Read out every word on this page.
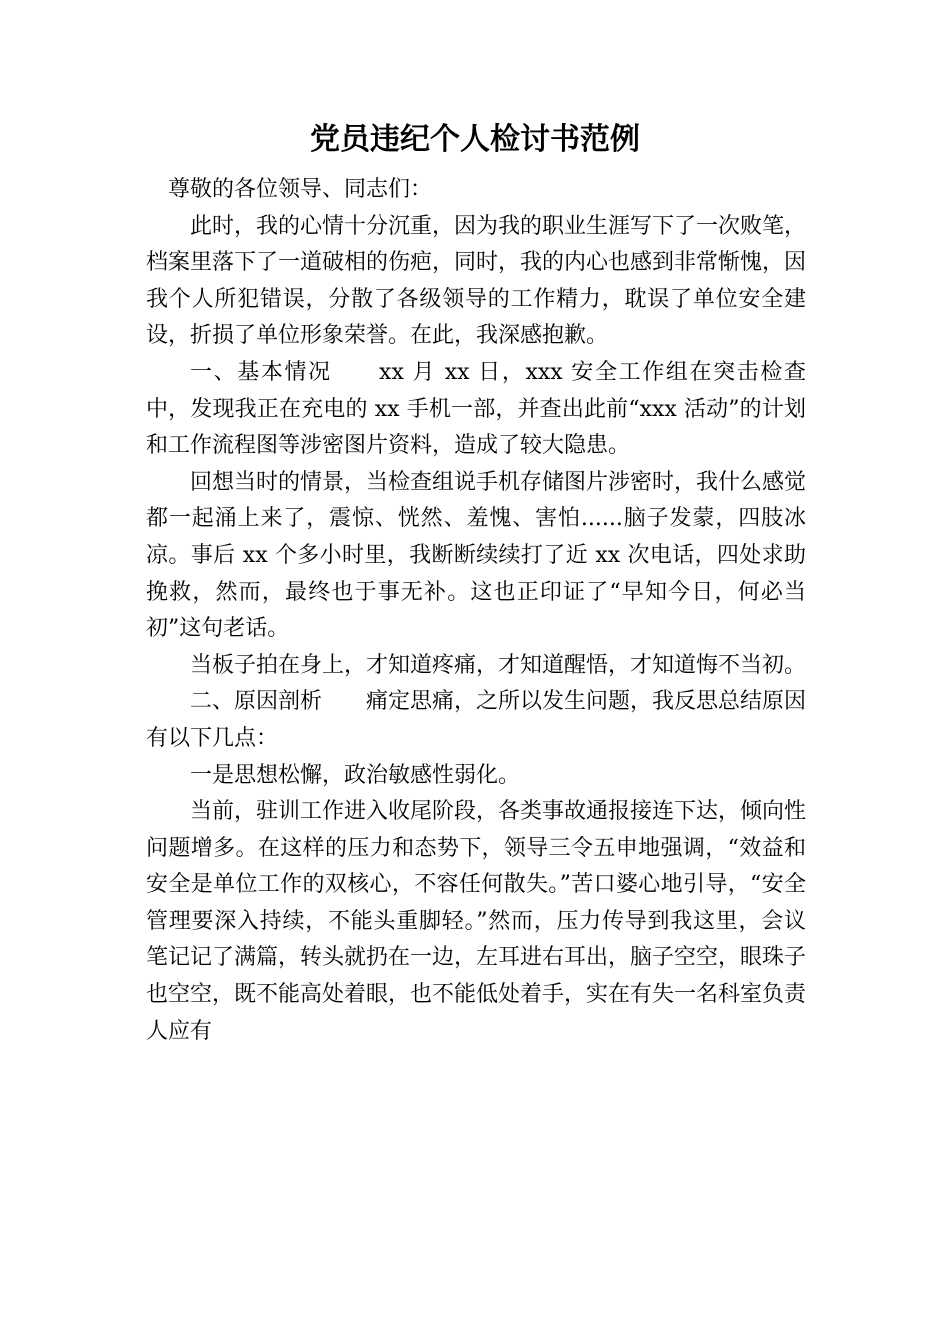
党员违纪个人检讨书范例

尊敬的各位领导、同志们：

此时，我的心情十分沉重，因为我的职业生涯写下了一次败笔，档案里落下了一道破相的伤疤，同时，我的内心也感到非常惭愧，因我个人所犯错误，分散了各级领导的工作精力，耽误了单位安全建设，折损了单位形象荣誉。在此，我深感抱歉。

一、基本情况　　xx 月 xx 日，xxx 安全工作组在突击检查中，发现我正在充电的 xx 手机一部，并查出此前“xxx 活动”的计划和工作流程图等涉密图片资料，造成了较大隐患。

回想当时的情景，当检查组说手机存储图片涉密时，我什么感觉都一起涌上来了，震惊、恍然、羞愧、害怕......脑子发蒙，四肢冰凉。事后 xx 个多小时里，我断断续续打了近 xx 次电话，四处求助挽救，然而，最终也于事无补。这也正印证了“早知今日，何必当初”这句老话。

当板子拍在身上，才知道疼痛，才知道醒悟，才知道悔不当初。

二、原因剖析　　痛定思痛，之所以发生问题，我反思总结原因有以下几点：

一是思想松懈，政治敏感性弱化。

当前，驻训工作进入收尾阶段，各类事故通报接连下达，倾向性问题增多。在这样的压力和态势下，领导三令五申地强调，“效益和安全是单位工作的双核心，不容任何散失。”苦口婆心地引导，“安全管理要深入持续，不能头重脚轻。”然而，压力传导到我这里，会议笔记记了满篇，转头就扔在一边，左耳进右耳出，脑子空空，眼珠子也空空，既不能高处着眼，也不能低处着手，实在有失一名科室负责人应有
